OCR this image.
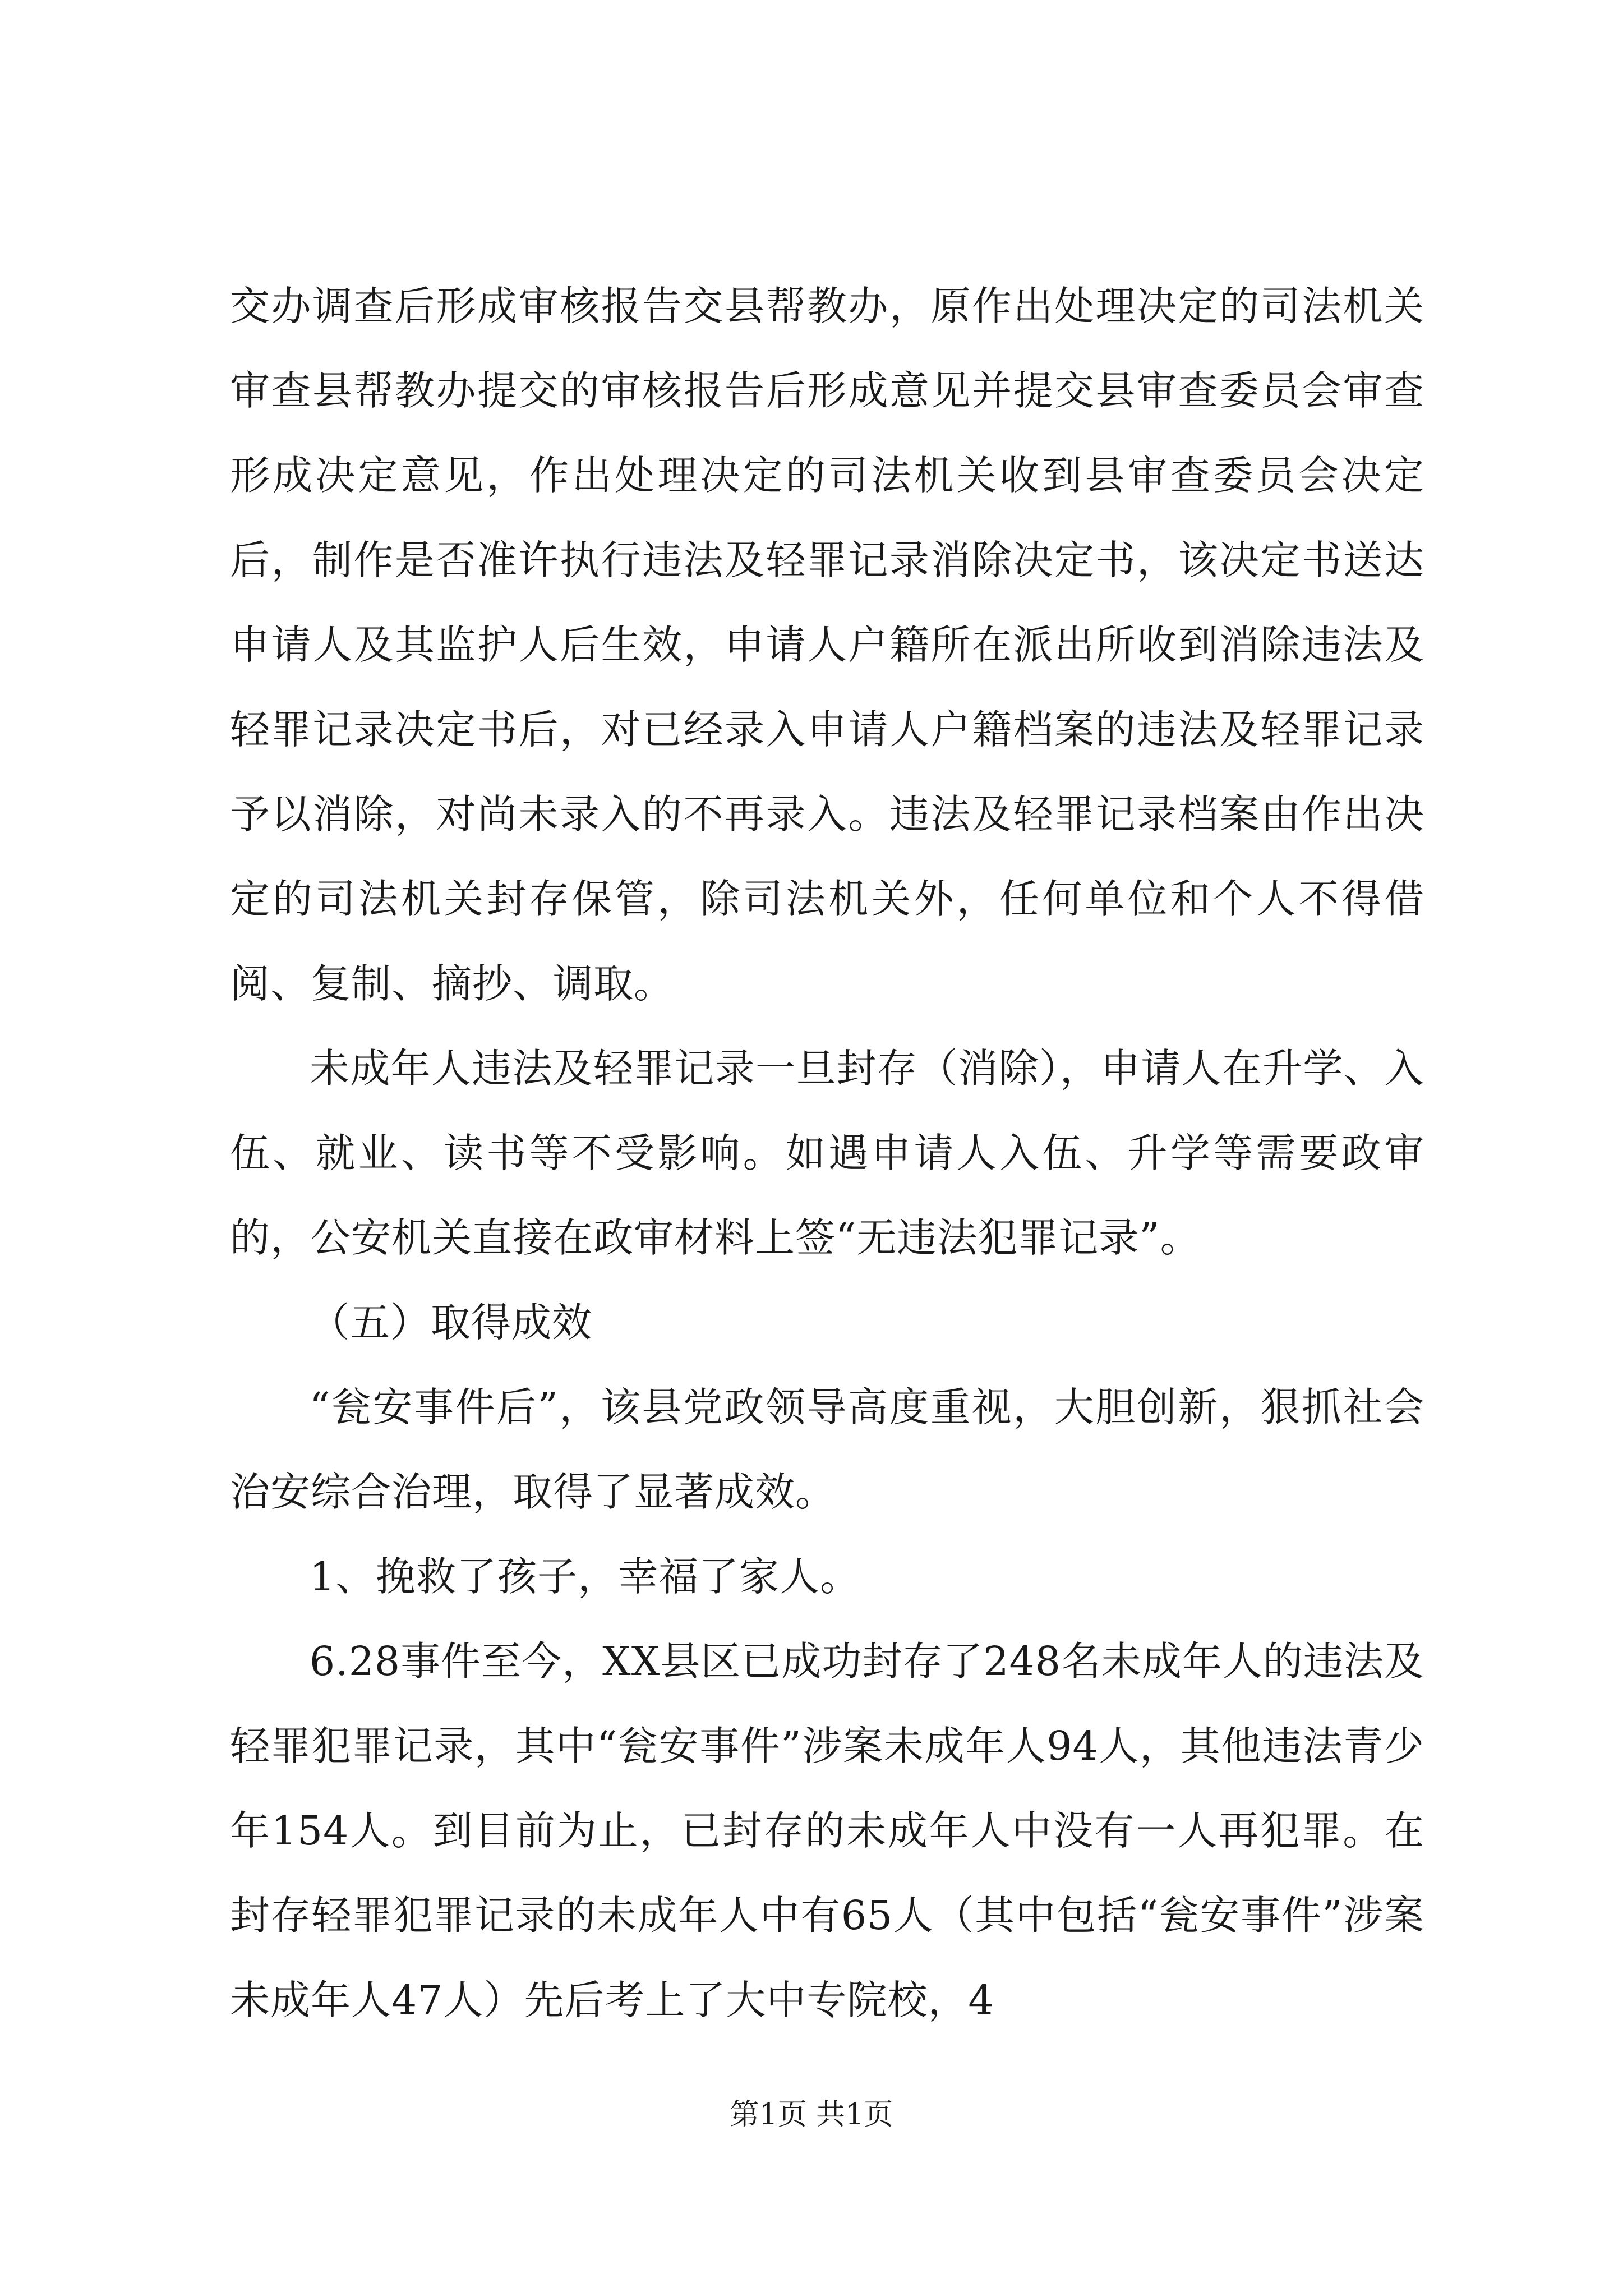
交办调查后形成审核报告交县帮教办，原作出处理决定的司法机关审查县帮教办提交的审核报告后形成意见并提交县审查委员会审查形成决定意见，作出处理决定的司法机关收到县审查委员会决定后，制作是否准许执行违法及轻罪记录消除决定书，该决定书送达申请人及其监护人后生效，申请人户籍所在派出所收到消除违法及轻罪记录决定书后，对已经录入申请人户籍档案的违法及轻罪记录予以消除，对尚未录入的不再录入。违法及轻罪记录档案由作出决定的司法机关封存保管，除司法机关外，任何单位和个人不得借阅、复制、摘抄、调取。

未成年人违法及轻罪记录一旦封存（消除），申请人在升学、入伍、就业、读书等不受影响。如遇申请人入伍、升学等需要政审的，公安机关直接在政审材料上签“无违法犯罪记录”。

（五）取得成效

“瓮安事件后”，该县党政领导高度重视，大胆创新，狠抓社会治安综合治理，取得了显著成效。

1、挽救了孩子，幸福了家人。

6.28事件至今，XX县区已成功封存了248名未成年人的违法及轻罪犯罪记录，其中“瓮安事件”涉案未成年人94人，其他违法青少年154人。到目前为止，已封存的未成年人中没有一人再犯罪。在封存轻罪犯罪记录的未成年人中有65人（其中包括“瓮安事件”涉案未成年人47人）先后考上了大中专院校，4

第1页 共1页
